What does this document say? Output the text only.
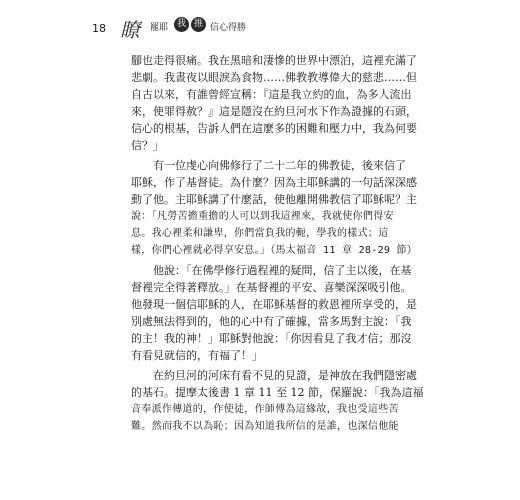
18 瞭 罷耶 我 推 信心得勝
腳也走得很痛。我在黑暗和淒慘的世界中漂泊，這裡充滿了
悲劇。我晝夜以眼淚為食物……佛教教導偉大的慈悲……但
自古以來，有誰曾經宣稱：『這是我立約的血，為多人流出
來，使罪得赦？』這是隱沒在約旦河水下作為證據的石頭，
信心的根基，告訴人們在這麼多的困難和壓力中，我為何要
信？」
　　有一位虔心向佛修行了二十二年的佛教徒，後來信了
耶穌，作了基督徒。為什麼？因為主耶穌講的一句話深深感
動了他。主耶穌講了什麼話，使他離開佛教信了耶穌呢？主
說：「凡勞苦擔重擔的人可以到我這裡來，我就使你們得安
息。我心裡柔和謙卑，你們當負我的軛，學我的樣式；這
樣，你們心裡就必得享安息。」（馬太福音 11 章 28-29 節）
　　他說：「在佛學修行過程裡的疑問，信了主以後，在基
督裡完全得著釋放。」在基督裡的平安、喜樂深深吸引他。
他發現一個信耶穌的人，在耶穌基督的救恩裡所享受的，是
別處無法得到的，他的心中有了確據，當多馬對主說：「我
的主！我的神！」耶穌對他說：「你因看見了我才信；那沒
有看見就信的，有福了！」
　　在約旦河的河床有看不見的見證，是神放在我們隱密處
的基石。提摩太後書 1 章 11 至 12 節，保羅說：「我為這福
音奉派作傳道的，作使徒，作師傅為這緣故，我也受這些苦
難。然而我不以為恥；因為知道我所信的是誰，也深信他能
